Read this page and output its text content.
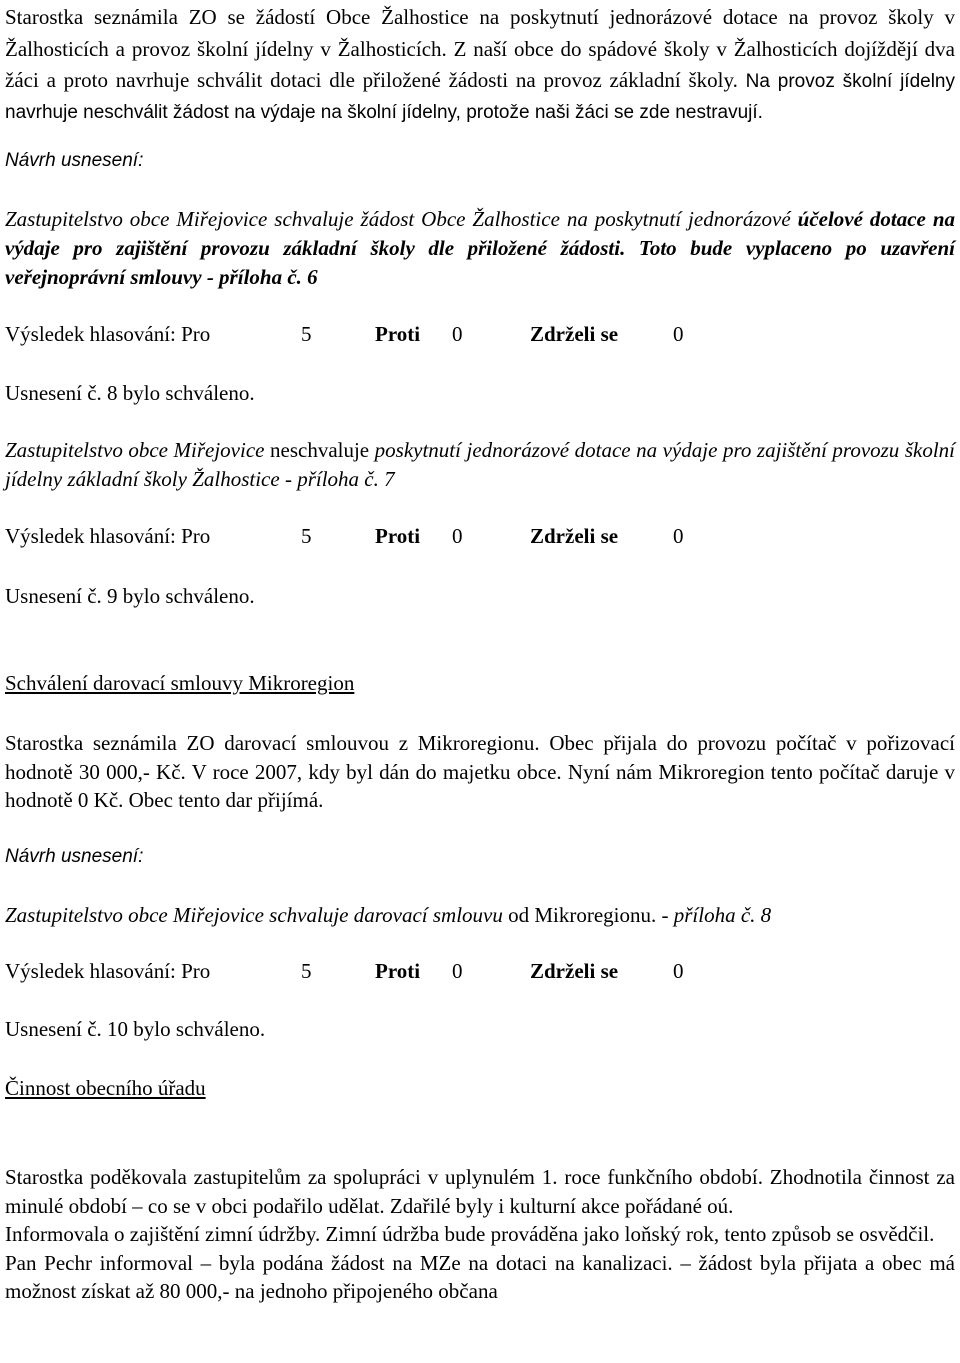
Starostka seznámila ZO se žádostí Obce Žalhostice na poskytnutí jednorázové dotace na provoz školy v Žalhosticích a provoz školní jídelny v Žalhosticích. Z naší obce do spádové školy v Žalhosticích dojíždějí dva žáci a proto navrhuje schválit dotaci dle přiložené žádosti na provoz základní školy. Na provoz školní jídelny navrhuje neschválit žádost na výdaje na školní jídelny, protože naši žáci se zde nestravují.

Návrh usnesení:

Zastupitelstvo obce Miřejovice schvaluje žádost Obce Žalhostice na poskytnutí jednorázové účelové dotace na výdaje pro zajištění provozu základní školy dle přiložené žádosti. Toto bude vyplaceno po uzavření veřejnoprávní smlouvy - příloha č. 6

Výsledek hlasování: Pro	5	Proti 0	Zdrželi se	0

Usnesení č. 8 bylo schváleno.

Zastupitelstvo obce Miřejovice neschvaluje poskytnutí jednorázové dotace na výdaje pro zajištění provozu školní jídelny základní školy Žalhostice - příloha č. 7

Výsledek hlasování: Pro	5	Proti 0	Zdrželi se	0

Usnesení č. 9 bylo schváleno.

Schválení darovací smlouvy Mikroregion

Starostka seznámila ZO darovací smlouvou z Mikroregionu. Obec přijala do provozu počítač v pořizovací hodnotě 30 000,- Kč. V roce 2007, kdy byl dán do majetku obce. Nyní nám Mikroregion tento počítač daruje v hodnotě 0 Kč. Obec tento dar přijímá.

Návrh usnesení:

Zastupitelstvo obce Miřejovice schvaluje darovací smlouvu od Mikroregionu. - příloha č. 8

Výsledek hlasování: Pro	5	Proti 0	Zdrželi se	0

Usnesení č. 10 bylo schváleno.

Činnost obecního úřadu

Starostka poděkovala zastupitelům za spolupráci v uplynulém 1. roce funkčního období. Zhodnotila činnost za minulé období – co se v obci podařilo udělat. Zdařilé byly i kulturní akce pořádané oú.

Informovala o zajištění zimní údržby. Zimní údržba bude prováděna jako loňský rok, tento způsob se osvědčil.

Pan Pechr informoval – byla podána žádost na MZe na dotaci na kanalizaci. – žádost byla přijata a obec má možnost získat až 80 000,- na jednoho připojeného občana
